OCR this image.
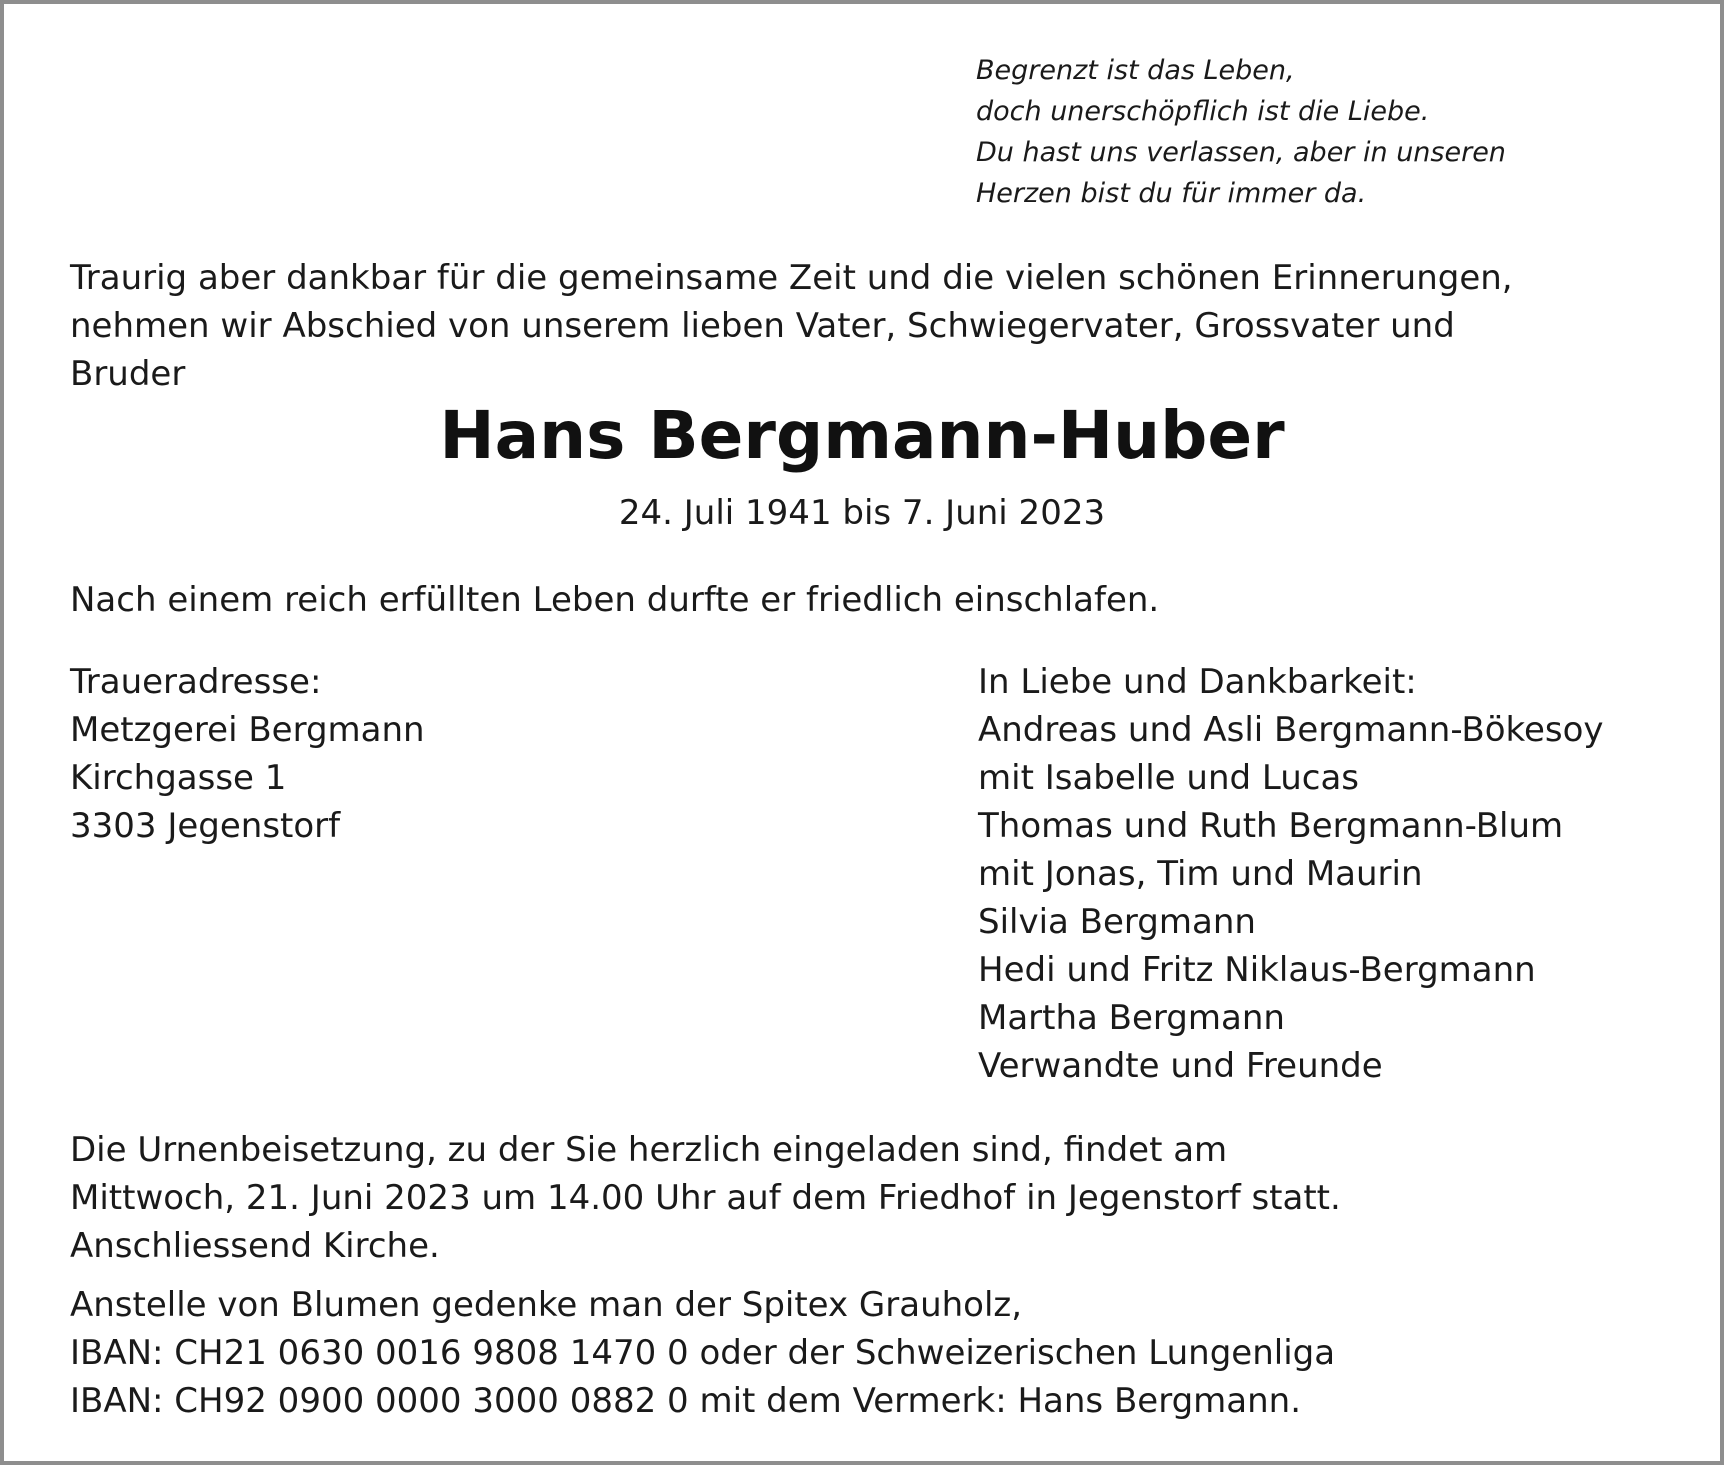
Begrenzt ist das Leben,
doch unerschöpflich ist die Liebe.
Du hast uns verlassen, aber in unseren
Herzen bist du für immer da.
Traurig aber dankbar für die gemeinsame Zeit und die vielen schönen Erinnerungen,
nehmen wir Abschied von unserem lieben Vater, Schwiegervater, Grossvater und
Bruder
Hans Bergmann-Huber
24. Juli 1941 bis 7. Juni 2023
Nach einem reich erfüllten Leben durfte er friedlich einschlafen.
Traueradresse:
Metzgerei Bergmann
Kirchgasse 1
3303 Jegenstorf
In Liebe und Dankbarkeit:
Andreas und Asli Bergmann-Bökesoy
mit Isabelle und Lucas
Thomas und Ruth Bergmann-Blum
mit Jonas, Tim und Maurin
Silvia Bergmann
Hedi und Fritz Niklaus-Bergmann
Martha Bergmann
Verwandte und Freunde
Die Urnenbeisetzung, zu der Sie herzlich eingeladen sind, findet am
Mittwoch, 21. Juni 2023 um 14.00 Uhr auf dem Friedhof in Jegenstorf statt.
Anschliessend Kirche.
Anstelle von Blumen gedenke man der Spitex Grauholz,
IBAN: CH21 0630 0016 9808 1470 0 oder der Schweizerischen Lungenliga
IBAN: CH92 0900 0000 3000 0882 0 mit dem Vermerk: Hans Bergmann.
